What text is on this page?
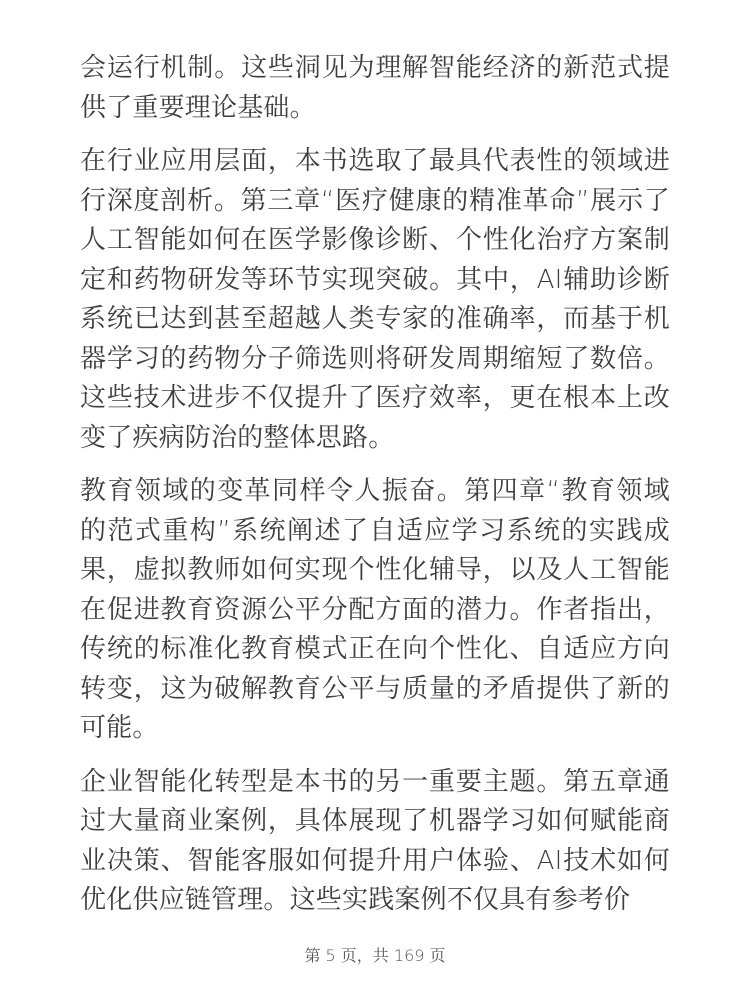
会运行机制。这些洞见为理解智能经济的新范式提供了重要理论基础。

在行业应用层面，本书选取了最具代表性的领域进行深度剖析。第三章“医疗健康的精准革命”展示了人工智能如何在医学影像诊断、个性化治疗方案制定和药物研发等环节实现突破。其中，AI辅助诊断系统已达到甚至超越人类专家的准确率，而基于机器学习的药物分子筛选则将研发周期缩短了数倍。这些技术进步不仅提升了医疗效率，更在根本上改变了疾病防治的整体思路。

教育领域的变革同样令人振奋。第四章“教育领域的范式重构”系统阐述了自适应学习系统的实践成果，虚拟教师如何实现个性化辅导，以及人工智能在促进教育资源公平分配方面的潜力。作者指出，传统的标准化教育模式正在向个性化、自适应方向转变，这为破解教育公平与质量的矛盾提供了新的可能。

企业智能化转型是本书的另一重要主题。第五章通过大量商业案例，具体展现了机器学习如何赋能商业决策、智能客服如何提升用户体验、AI技术如何优化供应链管理。这些实践案例不仅具有参考价

第 5 页，共 169 页
